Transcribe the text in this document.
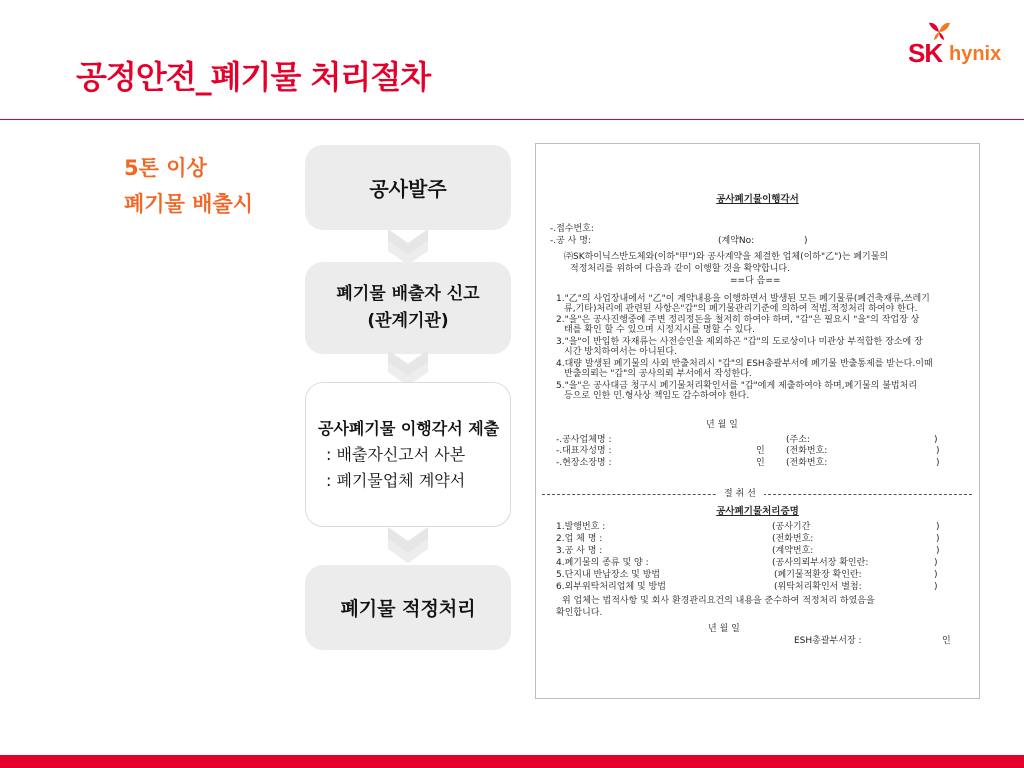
공정안전_폐기물 처리절차
SK hynix
5톤 이상
폐기물 배출시
공사발주
폐기물 배출자 신고
(관계기관)
공사폐기물 이행각서 제출
: 배출자신고서 사본
: 폐기물업체 계약서
폐기물 적정처리
공사폐기물이행각서
-.접수번호:
-.공 사 명:	(계약No:	)
㈜SK하이닉스반도체와(이하"甲")와 공사계약을 체결한 업체(이하"乙")는 폐기물의
적정처리를 위하여 다음과 같이 이행할 것을 확약합니다.
==다 음==
1."乙"의 사업장내에서 "乙"이 계약내용을 이행하면서 발생된 모든 폐기물류(폐건축재류,쓰레기
류,기타)처리에 관련된 사항은"갑"의 폐기물관리기준에 의하여 적법.적정처리 하여야 한다.
2."을"은 공사진행중에 주변 정리정돈을 철저히 하여야 하며, "갑"은 필요시 "을"의 작업장 상
태를 확인 할 수 있으며 시정지시를 명할 수 있다.
3."을"이 반입한 자재류는 사전승인을 제외하곤 "갑"의 도로상이나 미관상 부적합한 장소에 장
시간 방치하여서는 아니된다.
4.대량 발생된 폐기물의 사외 반출처리시 "갑"의 ESH총괄부서에 폐기물 반출통제를 받는다.이때
반출의뢰는 "갑"의 공사의뢰 부서에서 작성한다.
5."을"은 공사대금 청구시 폐기물처리확인서를 "갑"에게 제출하여야 하며,폐기물의 불법처리
등으로 인한 민.형사상 책임도 감수하여야 한다.
년 월 일
-.공사업체명 :	(주소:	)
-.대표자성명 :	인 (전화번호:	)
-.현장소장명 :	인 (전화번호:	)
절 취 선
공사폐기물처리증명
1.발행번호 :	(공사기간	)
2.업 체 명 :	(전화번호:	)
3.공 사 명 :	(계약번호:	)
4.폐기물의 종류 및 양 :	(공사의뢰부서장 확인란:	)
5.단지내 반납장소 및 방법	(폐기물적환장 확인란:	)
6.외부위탁처리업체 및 방법	(위탁처리확인서 별첨:	)
위 업체는 법적사항 및 회사 환경관리요건의 내용을 준수하여 적정처리 하였음을
확인합니다.
년 월 일
ESH총괄부서장 :	인
